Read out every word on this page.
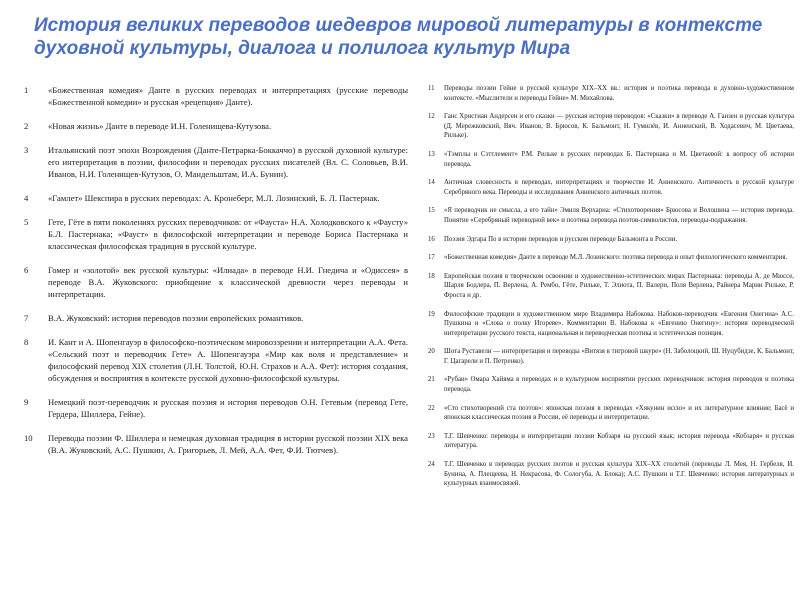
История великих переводов шедевров мировой литературы в контексте духовной культуры, диалога и полилога культур Мира
1	«Божественная комедия» Данте в русских переводах и интерпретациях (русские переводы «Божественной комедии» и русская «рецепция» Данте).
2	«Новая жизнь» Данте в переводе И.Н. Голенищева-Кутузова.
3	Итальянский поэт эпохи Возрождения (Данте-Петрарка-Боккаччо) в русской духовной культуре: его интерпретация в поэзии, философии и переводах русских писателей (Вл. С. Соловьев, В.И. Иванов, Н.И. Голенищев-Кутузов, О. Мандельштам, И.А. Бунин).
4	«Гамлет» Шекспира в русских переводах: А. Кронеберг, М.Л. Лозинский, Б. Л. Пастернак.
5	Гете, Гёте в пяти поколениях русских переводчиков: от «Фауста» Н.А. Холодковского к «Фаусту» Б.Л. Пастернака; «Фауст» в философской интерпретации и переводе Бориса Пастернака и классическая философская традиция в русской культуре.
6	Гомер и «золотой» век русской культуры: «Илиада» в переводе Н.И. Гнедича и «Одиссея» в переводе В.А. Жуковского: приобщение к классической древности через переводы и интерпретации.
7	В.А. Жуковский: история переводов поэзии европейских романтиков.
8	И. Кант и А. Шопенгауэр в философско-поэтическом мировоззрении и интерпретации А.А. Фета. «Сельский поэт и переводчик Гете» А. Шопенгауэра «Мир как воля и представление» и философский перевод XIX столетия (Л.Н. Толстой, Ю.Н. Страхов и А.А. Фет): история создания, обсуждения и восприятия в контексте русской духовно-философской культуры.
9	Немецкий поэт-переводчик и русская поэзия и история переводов О.Н. Гетевым (перевод Гете, Гердера, Шиллера, Гейне).
10	Переводы поэзии Ф. Шиллера и немецкая духовная традиция в истории русской поэзии XIX века (В.А. Жуковский, А.С. Пушкин, А. Григорьев, Л. Мей, А.А. Фет, Ф.И. Тютчев).
11	Переводы поэзии Гейне в русской культуре XIX–XX вв.: история и поэтика перевода в духовно-художественном контексте. «Мыслители и переводы Гейне» М. Михайлова.
12	Ганс Христиан Андерсен и его сказки — русская история переводов: «Сказки» в переводе А. Ганзен и русская культура (Д. Мережковский, Вяч. Иванов, В. Брюсов, К. Бальмонт, Н. Гумилёв, И. Анненский, В. Ходасевич, М. Цветаева, Рильке).
13	«Тэмплы и Сэттлемент» Р.М. Рильке в русских переводах Б. Пастернака и М. Цветаевой: к вопросу об истории перевода.
14	Античная словесность в переводах, интерпретациях и творчестве И. Анненского. Античность в русской культуре Серебряного века. Переводы и исследования Анненского античных поэтов.
15	«Я переводчик не смысла, а его тайн» Эмиля Верхарна: «Стихотворения» Брюсова и Волошина — история перевода. Понятие «Серебряный переводной век» и поэтика перевода поэтов-символистов, переводы-подражания.
16	Поэзия Эдгара По в истории переводов и русском переводе Бальмонта в России.
17	«Божественная комедия» Данте в переводе М.Л. Лозинского: поэтика перевода и опыт филологического комментария.
18	Европейская поэзия в творческом освоении и художественно-эстетических мирах Пастернака: переводы А. де Мюссе, Шарля Бодлера, П. Верлена, А. Рембо, Гёте, Рильке, Т. Элиота, П. Валери, Поля Верлена, Райнера Марии Рильке, Р. Фроста и др.
19	Философские традиции в художественном мире Владимира Набокова. Набоков-переводчик «Евгения Онегина» А.С. Пушкина и «Слова о полку Игореве». Комментарии В. Набокова к «Евгению Онегину»: история переводческой интерпретации русского текста, национальная и переводческая поэтика и эстетическая позиция.
20	Шота Руставели — интерпретация и переводы «Витязя в тигровой шкуре» (Н. Заболоцкий, Ш. Нуцубидзе, К. Бальмонт, Г. Цагарели и П. Петренко).
21	«Рубаи» Омара Хайяма в переводах и в культурном восприятии русских переводчиков: история переводов и поэтика перевода.
22	«Сто стихотворений ста поэтов»: японская поэзия в переводах «Хякунин иссю» и их литературное влияние; Басё и японская классическая поэзия в России, её переводы и интерпретации.
23	Т.Г. Шевченко: переводы и интерпретации поэзии Кобзаря на русский язык; история перевода «Кобзаря» и русская литература.
24	Т.Г. Шевченко в переводах русских поэтов и русская культура XIX–XX столетий (переводы Л. Мея, Н. Гербеля, И. Бунина, А. Плещеева, Н. Некрасова, Ф. Сологуба, А. Блока); А.С. Пушкин и Т.Г. Шевченко: история литературных и культурных взаимосвязей.
